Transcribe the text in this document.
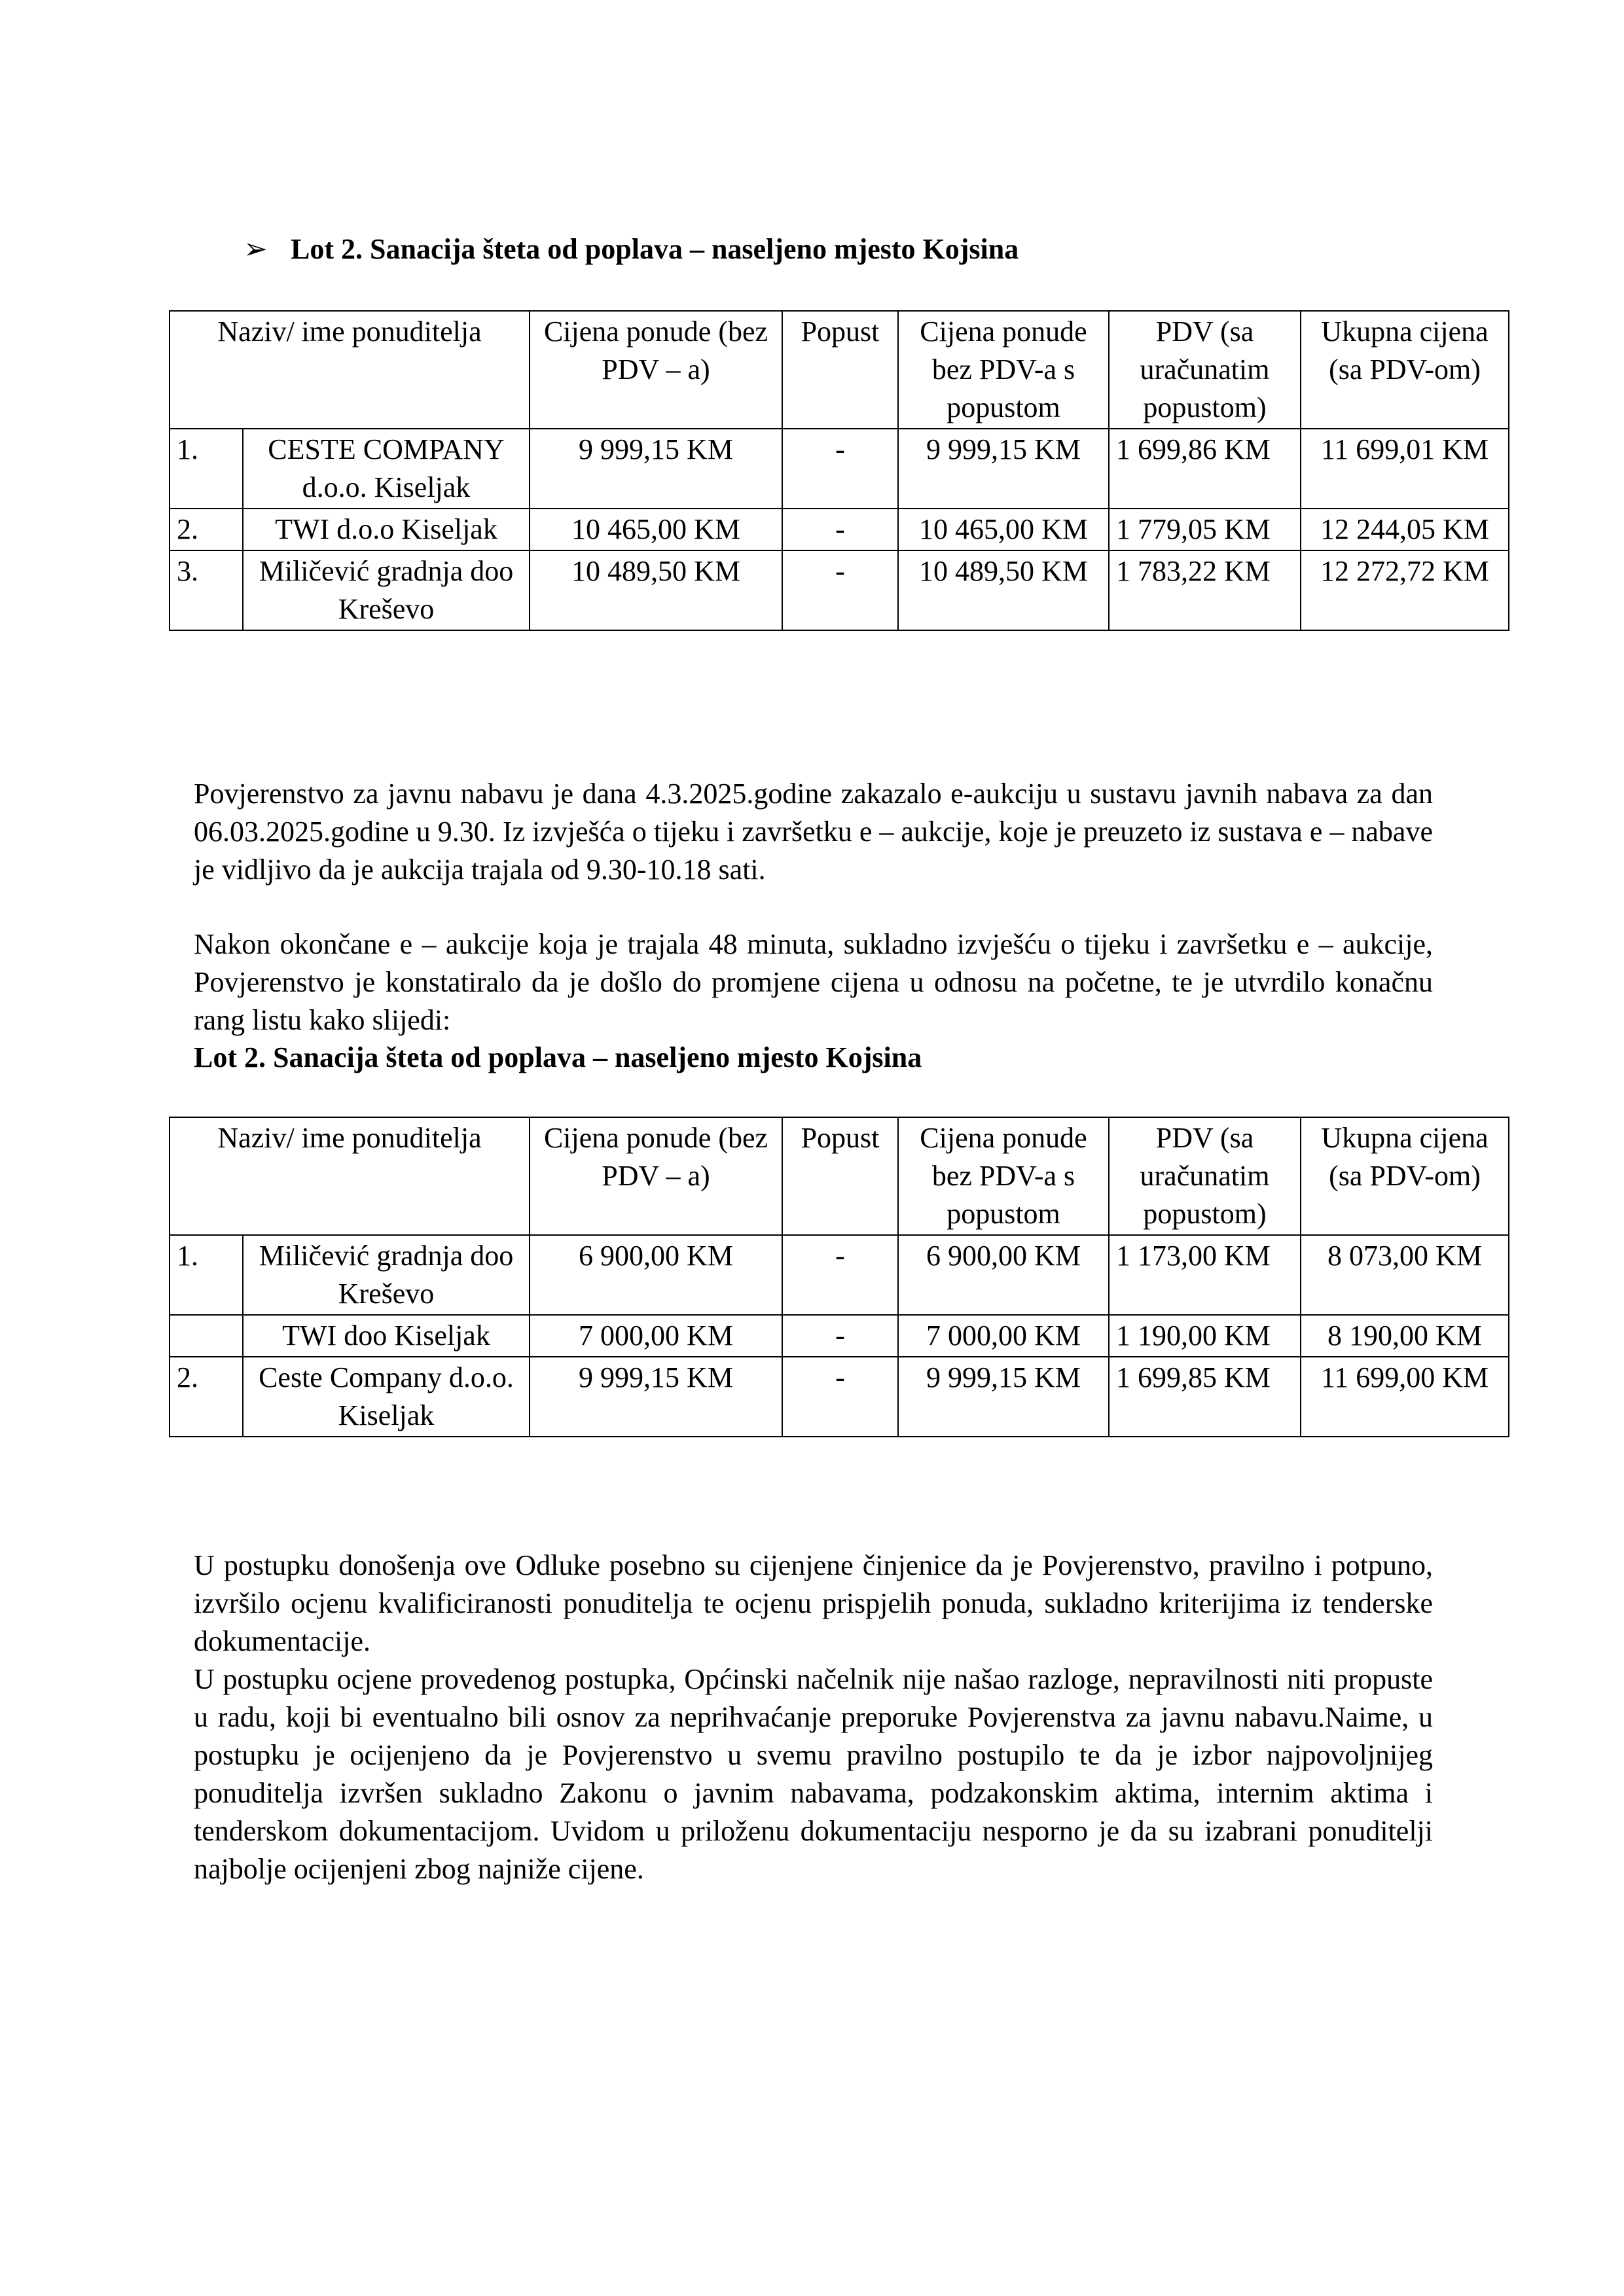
➢ Lot 2. Sanacija šteta od poplava – naseljeno mjesto Kojsina
Naziv/ ime ponuditelja		Cijena ponude (bez PDV – a)	Popust	Cijena ponude bez PDV-a s popustom	PDV (sa uračunatim popustom)	Ukupna cijena (sa PDV-om)
1.	CESTE COMPANY d.o.o. Kiseljak	9 999,15 KM	-	9 999,15 KM	1 699,86 KM	11 699,01 KM
2.	TWI d.o.o Kiseljak	10 465,00 KM	-	10 465,00 KM	1 779,05 KM	12 244,05 KM
3.	Miličević gradnja doo Kreševo	10 489,50 KM	-	10 489,50 KM	1 783,22 KM	12 272,72 KM

Povjerenstvo za javnu nabavu je dana 4.3.2025.godine zakazalo e-aukciju u sustavu javnih nabava za dan 06.03.2025.godine u 9.30. Iz izvješća o tijeku i završetku e – aukcije, koje je preuzeto iz sustava e – nabave je vidljivo da je aukcija trajala od 9.30-10.18 sati.

Nakon okončane e – aukcije koja je trajala 48 minuta, sukladno izvješću o tijeku i završetku e – aukcije, Povjerenstvo je konstatiralo da je došlo do promjene cijena u odnosu na početne, te je utvrdilo konačnu rang listu kako slijedi:

Lot 2. Sanacija šteta od poplava – naseljeno mjesto Kojsina
Naziv/ ime ponuditelja		Cijena ponude (bez PDV – a)	Popust	Cijena ponude bez PDV-a s popustom	PDV (sa uračunatim popustom)	Ukupna cijena (sa PDV-om)
1.	Miličević gradnja doo Kreševo	6 900,00 KM	-	6 900,00 KM	1 173,00 KM	8 073,00 KM
	TWI doo Kiseljak	7 000,00 KM	-	7 000,00 KM	1 190,00 KM	8 190,00 KM
2.	Ceste Company d.o.o. Kiseljak	9 999,15 KM	-	9 999,15 KM	1 699,85 KM	11 699,00 KM

U postupku donošenja ove Odluke posebno su cijenjene činjenice da je Povjerenstvo, pravilno i potpuno, izvršilo ocjenu kvalificiranosti ponuditelja te ocjenu prispjelih ponuda, sukladno kriterijima iz tenderske dokumentacije.

U postupku ocjene provedenog postupka, Općinski načelnik nije našao razloge, nepravilnosti niti propuste u radu, koji bi eventualno bili osnov za neprihvaćanje preporuke Povjerenstva za javnu nabavu.Naime, u postupku je ocijenjeno da je Povjerenstvo u svemu pravilno postupilo te da je izbor najpovoljnijeg ponuditelja izvršen sukladno Zakonu o javnim nabavama, podzakonskim aktima, internim aktima i tenderskom dokumentacijom. Uvidom u priloženu dokumentaciju nesporno je da su izabrani ponuditelji najbolje ocijenjeni zbog najniže cijene.
